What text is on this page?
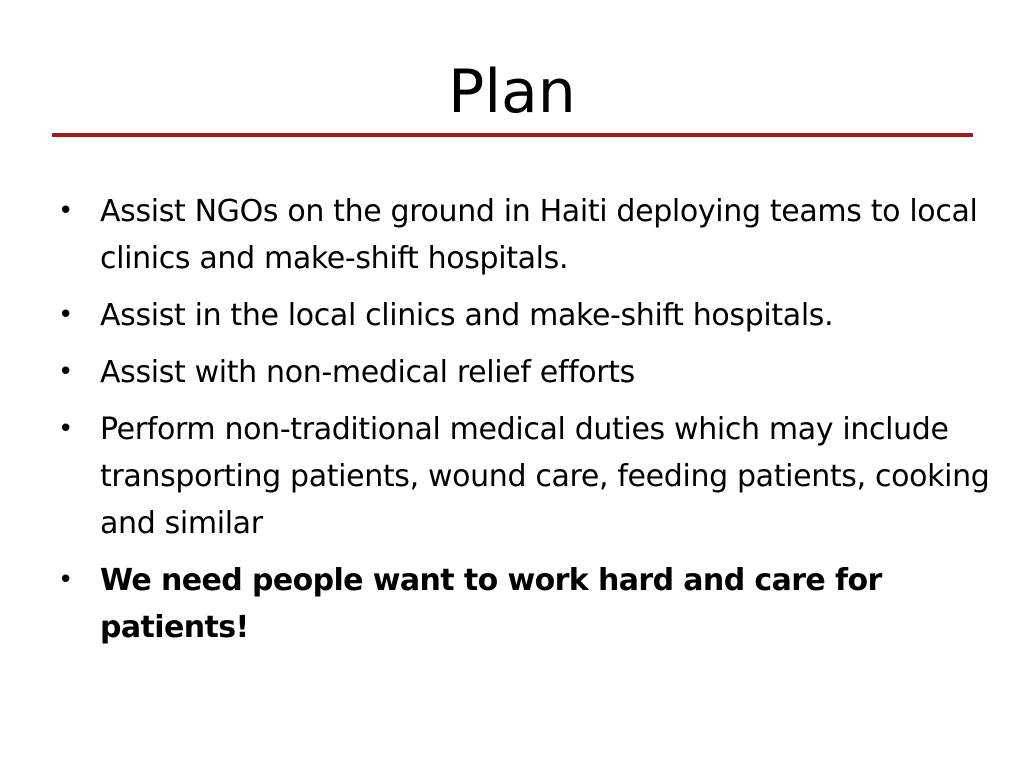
Plan
• Assist NGOs on the ground in Haiti deploying teams to local clinics and make-shift hospitals.
• Assist in the local clinics and make-shift hospitals.
• Assist with non-medical relief efforts
• Perform non-traditional medical duties which may include transporting patients, wound care, feeding patients, cooking and similar
• We need people want to work hard and care for patients!
